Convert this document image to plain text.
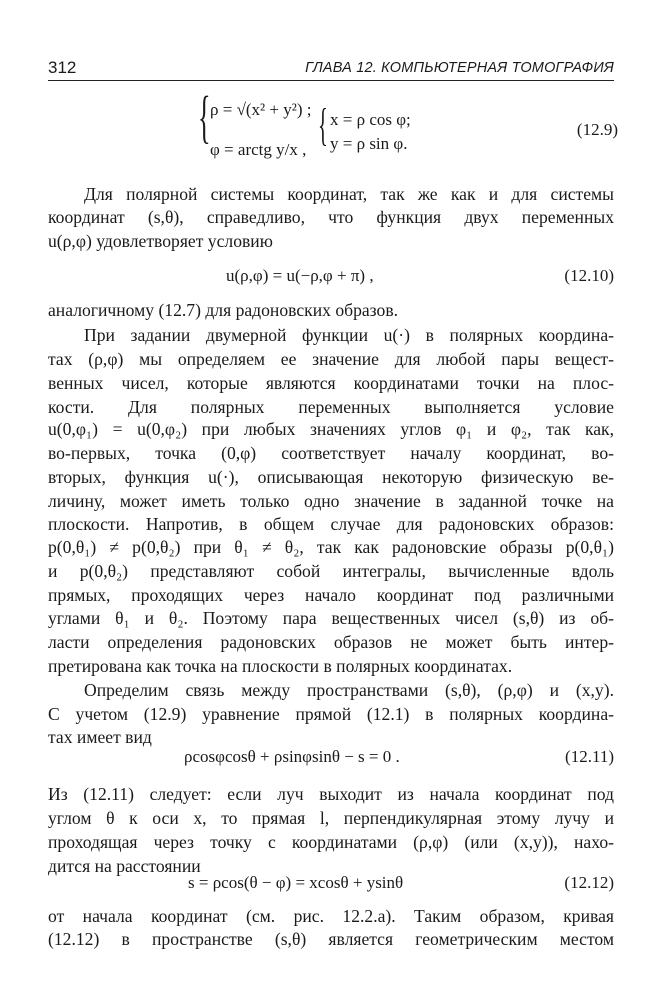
312	ГЛАВА 12. КОМПЬЮТЕРНАЯ ТОМОГРАФИЯ
{ ρ = √(x² + y²) ;
φ = arctg y/x , { x = ρ cos φ;
y = ρ sin φ.
(12.9)
Для полярной системы координат, так же как и для системы
координат (s,θ), справедливо, что функция двух переменных
u(ρ,φ) удовлетворяет условию
u(ρ,φ) = u(−ρ,φ + π) ,	(12.10)
аналогичному (12.7) для радоновских образов.
При задании двумерной функции u(·) в полярных координа-
тах (ρ,φ) мы определяем ее значение для любой пары вещест-
венных чисел, которые являются координатами точки на плос-
кости. Для полярных переменных выполняется условие
u(0,φ₁) = u(0,φ₂) при любых значениях углов φ₁ и φ₂, так как,
во-первых, точка (0,φ) соответствует началу координат, во-
вторых, функция u(·), описывающая некоторую физическую ве-
личину, может иметь только одно значение в заданной точке на
плоскости. Напротив, в общем случае для радоновских образов:
p(0,θ₁) ≠ p(0,θ₂) при θ₁ ≠ θ₂, так как радоновские образы p(0,θ₁)
и p(0,θ₂) представляют собой интегралы, вычисленные вдоль
прямых, проходящих через начало координат под различными
углами θ₁ и θ₂. Поэтому пара вещественных чисел (s,θ) из об-
ласти определения радоновских образов не может быть интер-
претирована как точка на плоскости в полярных координатах.
Определим связь между пространствами (s,θ), (ρ,φ) и (x,y).
С учетом (12.9) уравнение прямой (12.1) в полярных координа-
тах имеет вид
ρcosφcosθ + ρsinφsinθ − s = 0 .	(12.11)
Из (12.11) следует: если луч выходит из начала координат под
углом θ к оси x, то прямая l, перпендикулярная этому лучу и
проходящая через точку с координатами (ρ,φ) (или (x,y)), нахо-
дится на расстоянии
s = ρcos(θ − φ) = xcosθ + ysinθ	(12.12)
от начала координат (см. рис. 12.2.а). Таким образом, кривая
(12.12) в пространстве (s,θ) является геометрическим местом
